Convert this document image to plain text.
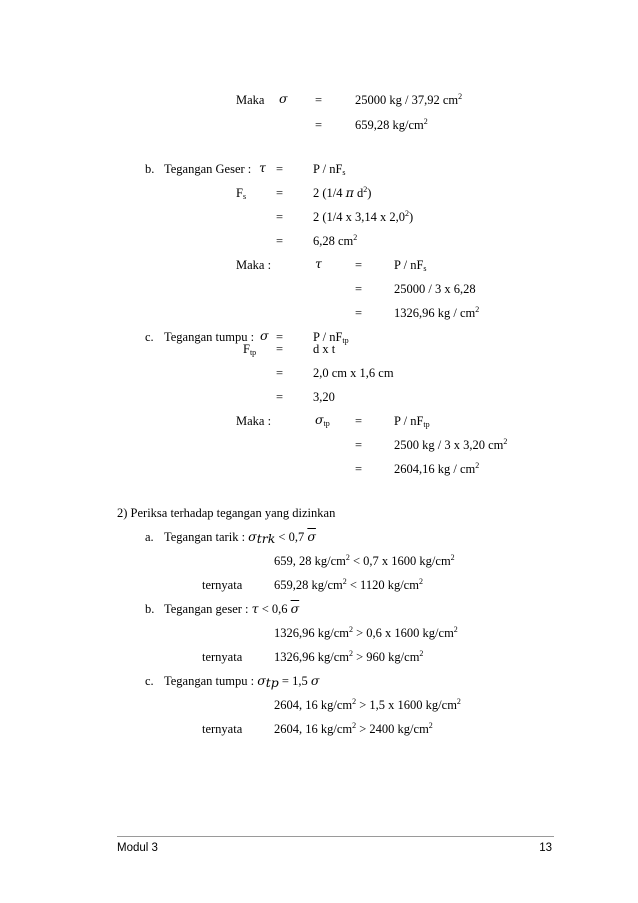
Maka σ =	25000 kg / 37,92 $cm^2$
=	659,28 $kg/cm^2$
b. Tegangan Geser : $\tau = P / nF_s$
$F_s = 2$ (1/4 π $d^2$)
= 2 (1/4 x 3,14 x $2,0^2$)
= 6,28 $cm^2$
Maka :	τ	=	P / $nF_s$
=	25000 / 3 x 6,28
=	1326,96 kg / $cm^2$
c. Tegangan tumpu : $\sigma = P / nF_{tp}$
$F_{tp} = d$ x t
= 2,0 cm x 1,6 cm
= 3,20
Maka :	$\sigma_{tp}$ =	P / $nF_{tp}$
=	2500 kg / 3 x 3,20 $cm^2$
=	2604,16 kg / $cm^2$
2) Periksa terhadap tegangan yang dizinkan
a. Tegangan tarik : $\sigma_{trk} < 0,7$ $\overline{\sigma}$
659, 28 $kg/cm^2 < 0,7$ x 1600 $kg/cm^2$
ternyata	659,28 $kg/cm^2 < 1120$ $kg/cm^2$
b. Tegangan geser : τ < 0,6 $\overline{\sigma}$
1326,96 $kg/cm^2 > 0,6$ x 1600 $kg/cm^2$
ternyata	1326,96 $kg/cm^2 > 960$ $kg/cm^2$
c. Tegangan tumpu : $\sigma_{tp} = 1,5$ σ
2604, 16 $kg/cm^2 > 1,5$ x 1600 $kg/cm^2$
ternyata	2604, 16 $kg/cm^2 > 2400$ $kg/cm^2$
Modul 3	13
